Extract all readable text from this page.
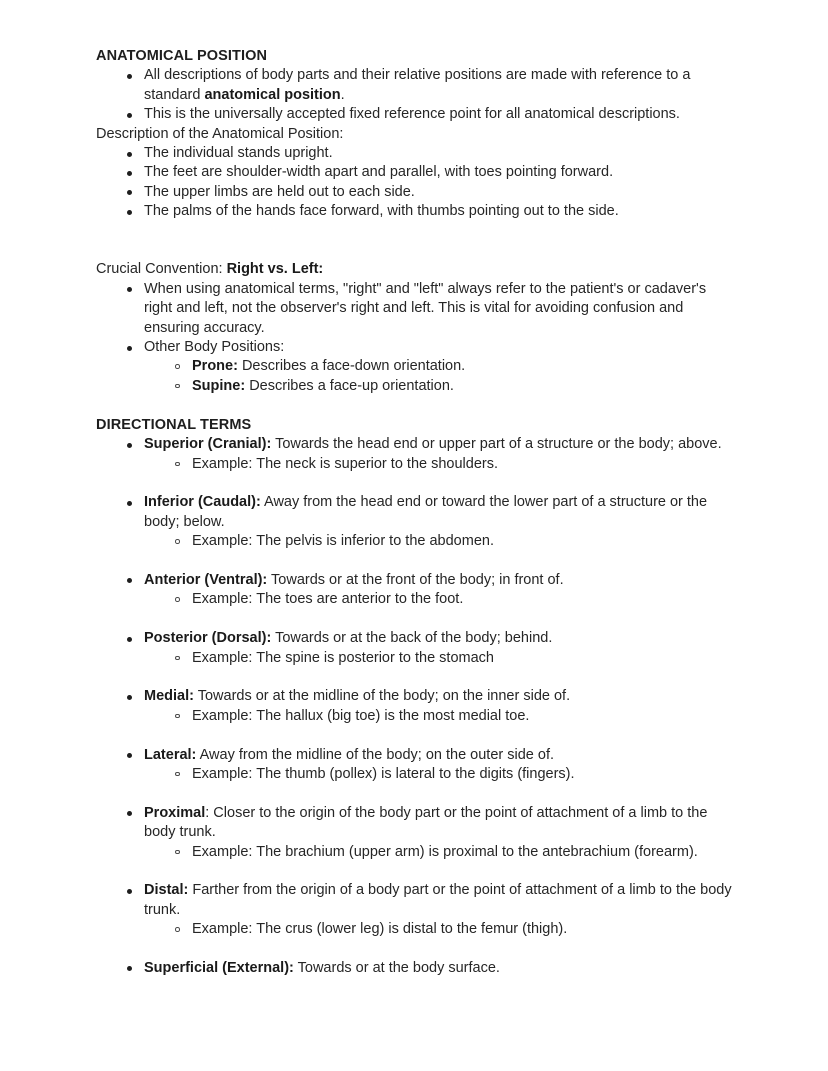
ANATOMICAL POSITION
All descriptions of body parts and their relative positions are made with reference to a standard anatomical position.
This is the universally accepted fixed reference point for all anatomical descriptions.
Description of the Anatomical Position:
The individual stands upright.
The feet are shoulder-width apart and parallel, with toes pointing forward.
The upper limbs are held out to each side.
The palms of the hands face forward, with thumbs pointing out to the side.
Crucial Convention: Right vs. Left:
When using anatomical terms, "right" and "left" always refer to the patient's or cadaver's right and left, not the observer's right and left. This is vital for avoiding confusion and ensuring accuracy.
Other Body Positions:
Prone: Describes a face-down orientation.
Supine: Describes a face-up orientation.
DIRECTIONAL TERMS
Superior (Cranial): Towards the head end or upper part of a structure or the body; above.
Example: The neck is superior to the shoulders.
Inferior (Caudal): Away from the head end or toward the lower part of a structure or the body; below.
Example: The pelvis is inferior to the abdomen.
Anterior (Ventral): Towards or at the front of the body; in front of.
Example: The toes are anterior to the foot.
Posterior (Dorsal): Towards or at the back of the body; behind.
Example: The spine is posterior to the stomach
Medial: Towards or at the midline of the body; on the inner side of.
Example: The hallux (big toe) is the most medial toe.
Lateral: Away from the midline of the body; on the outer side of.
Example: The thumb (pollex) is lateral to the digits (fingers).
Proximal: Closer to the origin of the body part or the point of attachment of a limb to the body trunk.
Example: The brachium (upper arm) is proximal to the antebrachium (forearm).
Distal: Farther from the origin of a body part or the point of attachment of a limb to the body trunk.
Example: The crus (lower leg) is distal to the femur (thigh).
Superficial (External): Towards or at the body surface.
